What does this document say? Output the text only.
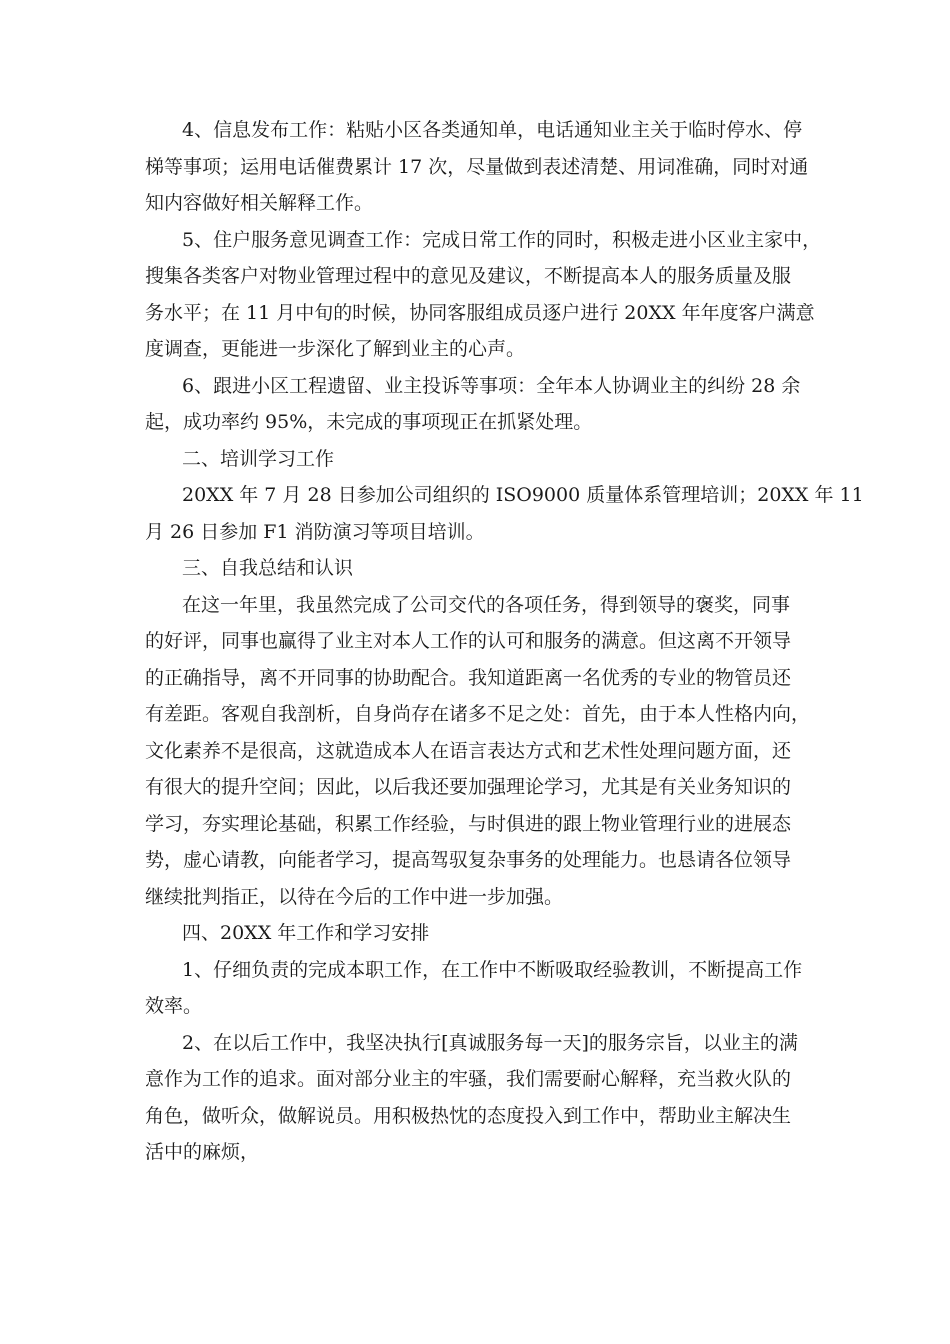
4、信息发布工作：粘贴小区各类通知单，电话通知业主关于临时停水、停
梯等事项；运用电话催费累计 17 次，尽量做到表述清楚、用词准确，同时对通
知内容做好相关解释工作。
5、住户服务意见调查工作：完成日常工作的同时，积极走进小区业主家中，
搜集各类客户对物业管理过程中的意见及建议，不断提高本人的服务质量及服
务水平；在 11 月中旬的时候，协同客服组成员逐户进行 20XX 年年度客户满意
度调查，更能进一步深化了解到业主的心声。
6、跟进小区工程遗留、业主投诉等事项：全年本人协调业主的纠纷 28 余
起，成功率约 95%，未完成的事项现正在抓紧处理。
二、培训学习工作
20XX 年 7 月 28 日参加公司组织的 ISO9000 质量体系管理培训；20XX 年 11
月 26 日参加 F1 消防演习等项目培训。
三、自我总结和认识
在这一年里，我虽然完成了公司交代的各项任务，得到领导的褒奖，同事
的好评，同事也赢得了业主对本人工作的认可和服务的满意。但这离不开领导
的正确指导，离不开同事的协助配合。我知道距离一名优秀的专业的物管员还
有差距。客观自我剖析，自身尚存在诸多不足之处：首先，由于本人性格内向，
文化素养不是很高，这就造成本人在语言表达方式和艺术性处理问题方面，还
有很大的提升空间；因此，以后我还要加强理论学习，尤其是有关业务知识的
学习，夯实理论基础，积累工作经验，与时俱进的跟上物业管理行业的进展态
势，虚心请教，向能者学习，提高驾驭复杂事务的处理能力。也恳请各位领导
继续批判指正，以待在今后的工作中进一步加强。
四、20XX 年工作和学习安排
1、仔细负责的完成本职工作，在工作中不断吸取经验教训，不断提高工作
效率。
2、在以后工作中，我坚决执行[真诚服务每一天]的服务宗旨，以业主的满
意作为工作的追求。面对部分业主的牢骚，我们需要耐心解释，充当救火队的
角色，做听众，做解说员。用积极热忱的态度投入到工作中，帮助业主解决生
活中的麻烦，
